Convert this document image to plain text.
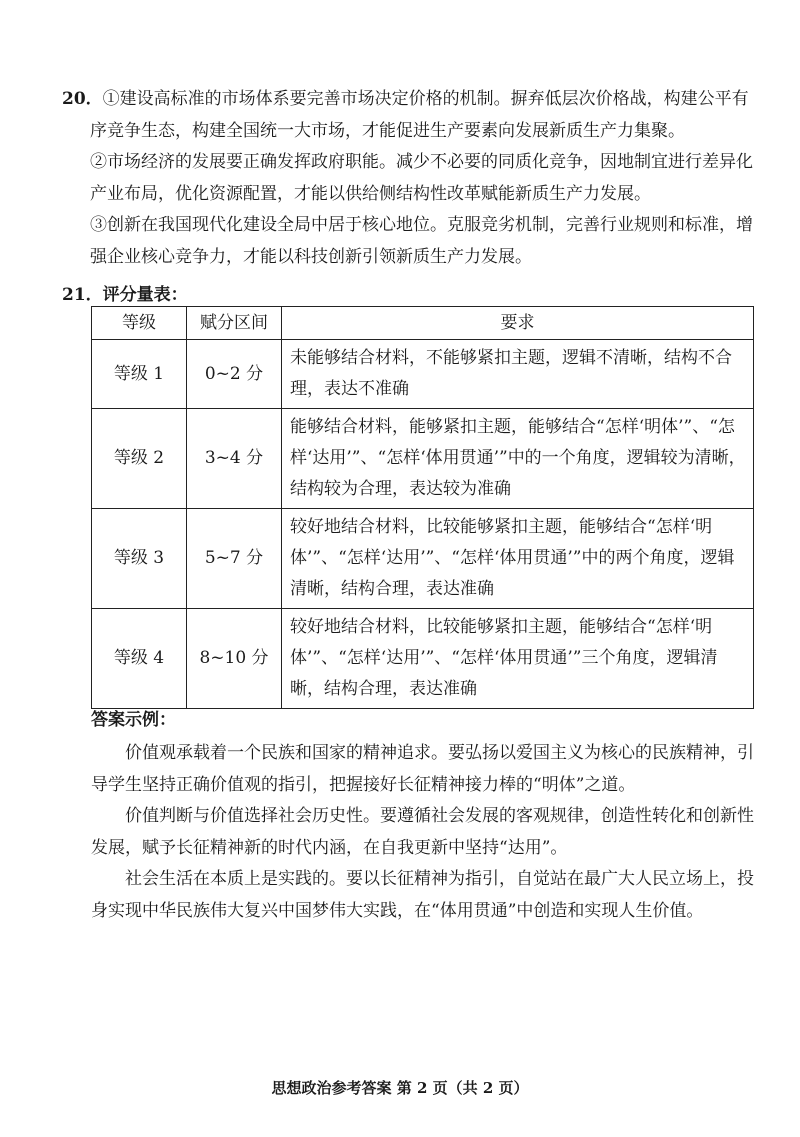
20．①建设高标准的市场体系要完善市场决定价格的机制。摒弃低层次价格战，构建公平有序竞争生态，构建全国统一大市场，才能促进生产要素向发展新质生产力集聚。

②市场经济的发展要正确发挥政府职能。减少不必要的同质化竞争，因地制宜进行差异化产业布局，优化资源配置，才能以供给侧结构性改革赋能新质生产力发展。

③创新在我国现代化建设全局中居于核心地位。克服竞劣机制，完善行业规则和标准，增强企业核心竞争力，才能以科技创新引领新质生产力发展。

21．评分量表：
等级	赋分区间	要求
等级 1	0~2 分	未能够结合材料，不能够紧扣主题，逻辑不清晰，结构不合理，表达不准确
等级 2	3~4 分	能够结合材料，能够紧扣主题，能够结合“怎样‘明体’”、“怎样‘达用’”、“怎样‘体用贯通’”中的一个角度，逻辑较为清晰，结构较为合理，表达较为准确
等级 3	5~7 分	较好地结合材料，比较能够紧扣主题，能够结合“怎样‘明体’”、“怎样‘达用’”、“怎样‘体用贯通’”中的两个角度，逻辑清晰，结构合理，表达准确
等级 4	8~10 分	较好地结合材料，比较能够紧扣主题，能够结合“怎样‘明体’”、“怎样‘达用’”、“怎样‘体用贯通’”三个角度，逻辑清晰，结构合理，表达准确
答案示例：

价值观承载着一个民族和国家的精神追求。要弘扬以爱国主义为核心的民族精神，引导学生坚持正确价值观的指引，把握接好长征精神接力棒的“明体”之道。

价值判断与价值选择社会历史性。要遵循社会发展的客观规律，创造性转化和创新性发展，赋予长征精神新的时代内涵，在自我更新中坚持“达用”。

社会生活在本质上是实践的。要以长征精神为指引，自觉站在最广大人民立场上，投身实现中华民族伟大复兴中国梦伟大实践，在“体用贯通”中创造和实现人生价值。

思想政治参考答案 第 2 页（共 2 页）
